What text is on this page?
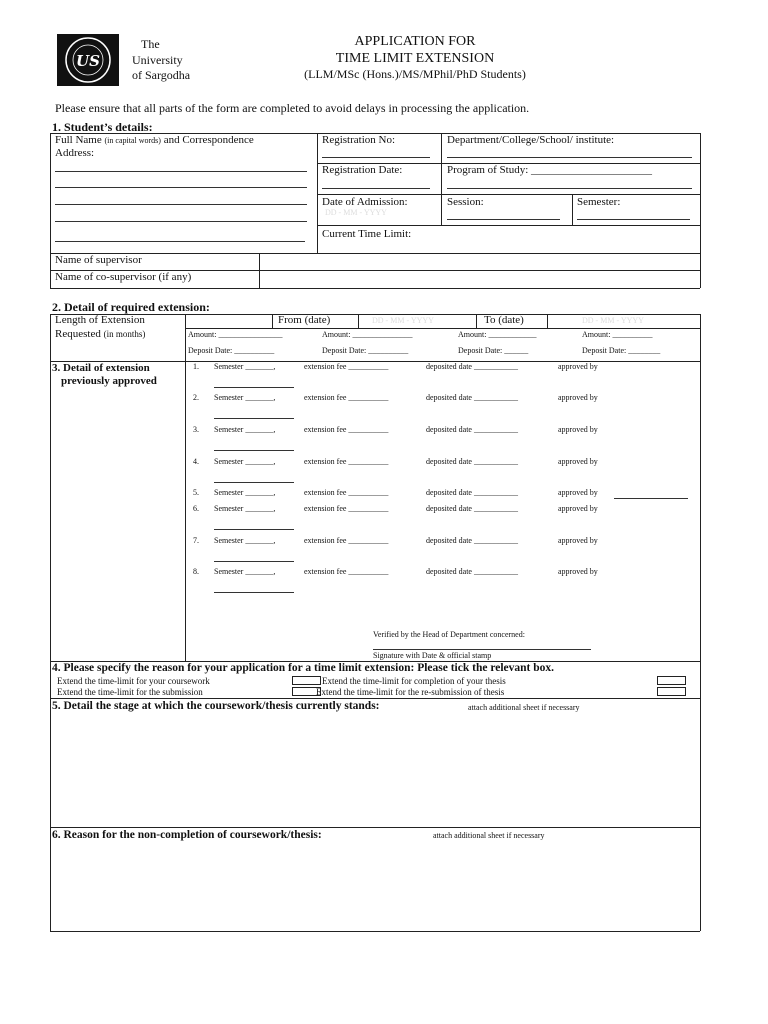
US
The
University
of Sargodha
APPLICATION FOR
TIME LIMIT EXTENSION
(LLM/MSc (Hons.)/MS/MPhil/PhD Students)
Please ensure that all parts of the form are completed to avoid delays in processing the application.
1. Student’s details:
Full Name (in capital words) and Correspondence
Address:
Registration No:	Department/College/School/ institute:
Registration Date:	Program of Study: ______________________
Date of Admission:
DD - MM - YYYY
Session:	Semester:
Current Time Limit:
Name of supervisor
Name of co-supervisor (if any)
2. Detail of required extension:
Length of Extension
Requested (in months)
From (date)	DD - MM - YYYY	To (date)	DD - MM - YYYY
Amount: ________________	Amount: _______________	Amount: ____________	Amount: __________
Deposit Date: __________	Deposit Date: __________	Deposit Date: ______	Deposit Date: ________
3. Detail of extension
previously approved
1. Semester _______,	extension fee __________	deposited date ___________	approved by
2. Semester _______,	extension fee __________	deposited date ___________	approved by
3. Semester _______,	extension fee __________	deposited date ___________	approved by
4. Semester _______,	extension fee __________	deposited date ___________	approved by
5. Semester _______,	extension fee __________	deposited date ___________	approved by
6. Semester _______,	extension fee __________	deposited date ___________	approved by
7. Semester _______,	extension fee __________	deposited date ___________	approved by
8. Semester _______,	extension fee __________	deposited date ___________	approved by
Verified by the Head of Department concerned:
Signature with Date & official stamp
4. Please specify the reason for your application for a time limit extension: Please tick the relevant box.
Extend the time-limit for your coursework	Extend the time-limit for completion of your thesis
Extend the time-limit for the submission	Extend the time-limit for the re-submission of thesis
5. Detail the stage at which the coursework/thesis currently stands:	attach additional sheet if necessary
6. Reason for the non-completion of coursework/thesis:	attach additional sheet if necessary
